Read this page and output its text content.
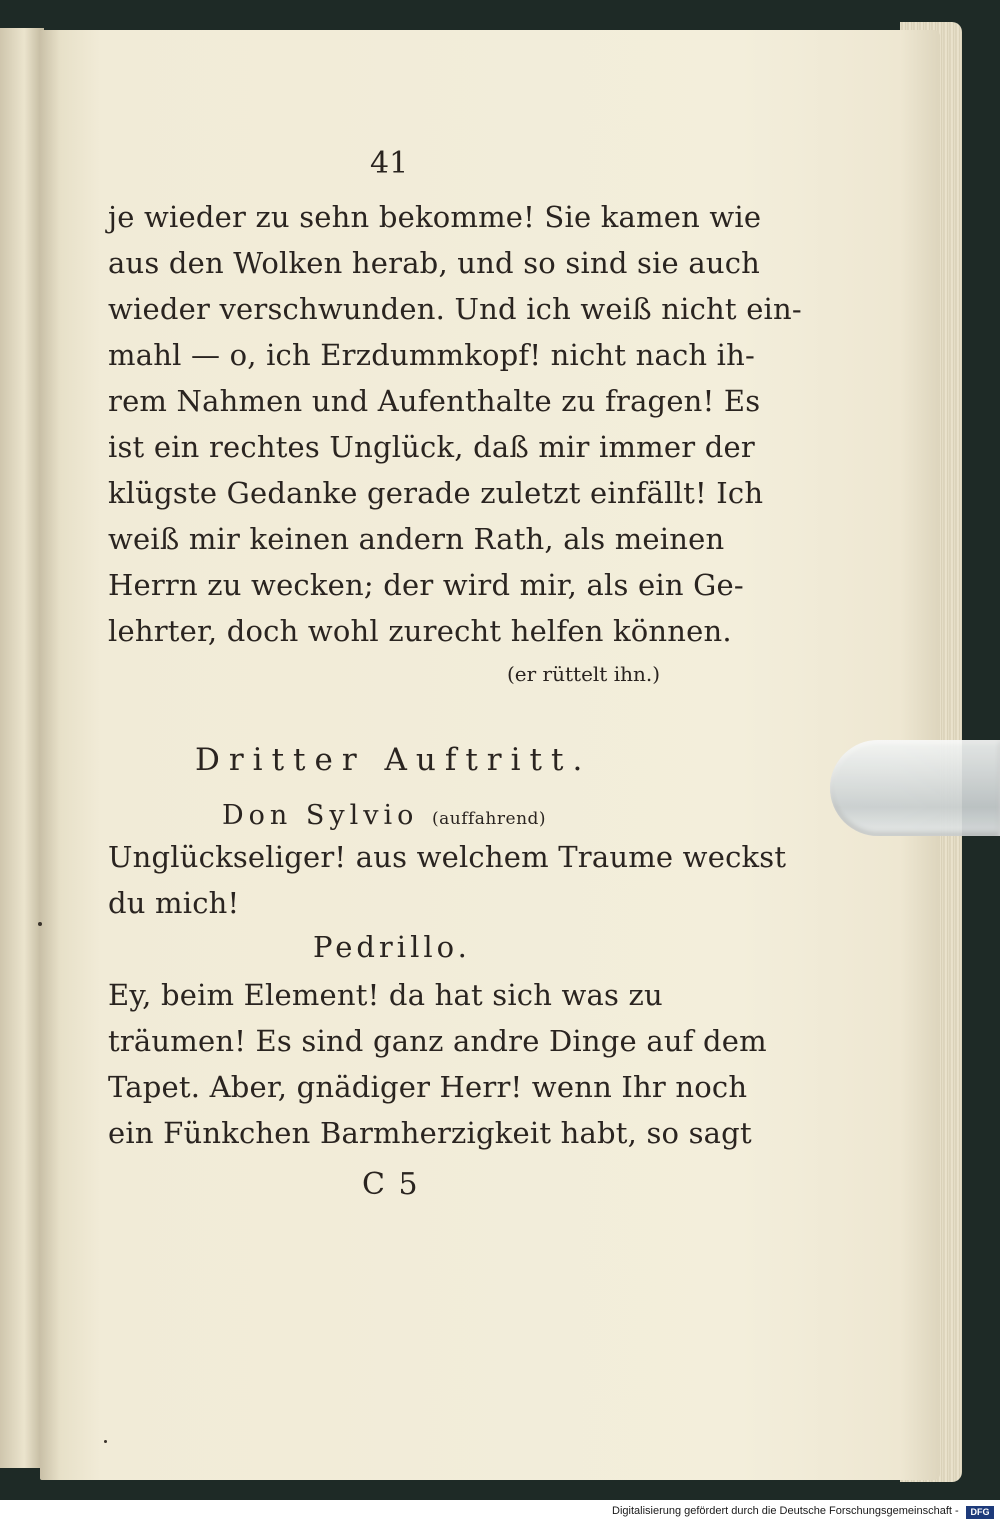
41
je wieder zu sehn bekomme! Sie kamen wie
aus den Wolken herab, und so sind sie auch
wieder verschwunden. Und ich weiß nicht ein-
mahl — o, ich Erzdummkopf! nicht nach ih-
rem Nahmen und Aufenthalte zu fragen! Es
ist ein rechtes Unglück, daß mir immer der
klügste Gedanke gerade zuletzt einfällt! Ich
weiß mir keinen andern Rath, als meinen
Herrn zu wecken; der wird mir, als ein Ge-
lehrter, doch wohl zurecht helfen können.
(er rüttelt ihn.)
Dritter Auftritt.
Don Sylvio (auffahrend)
Unglückseliger! aus welchem Traume weckst
du mich!
Pedrillo.
Ey, beim Element! da hat sich was zu
träumen! Es sind ganz andre Dinge auf dem
Tapet. Aber, gnädiger Herr! wenn Ihr noch
ein Fünkchen Barmherzigkeit habt, so sagt
C 5
Digitalisierung gefördert durch die Deutsche Forschungsgemeinschaft -	DFG
